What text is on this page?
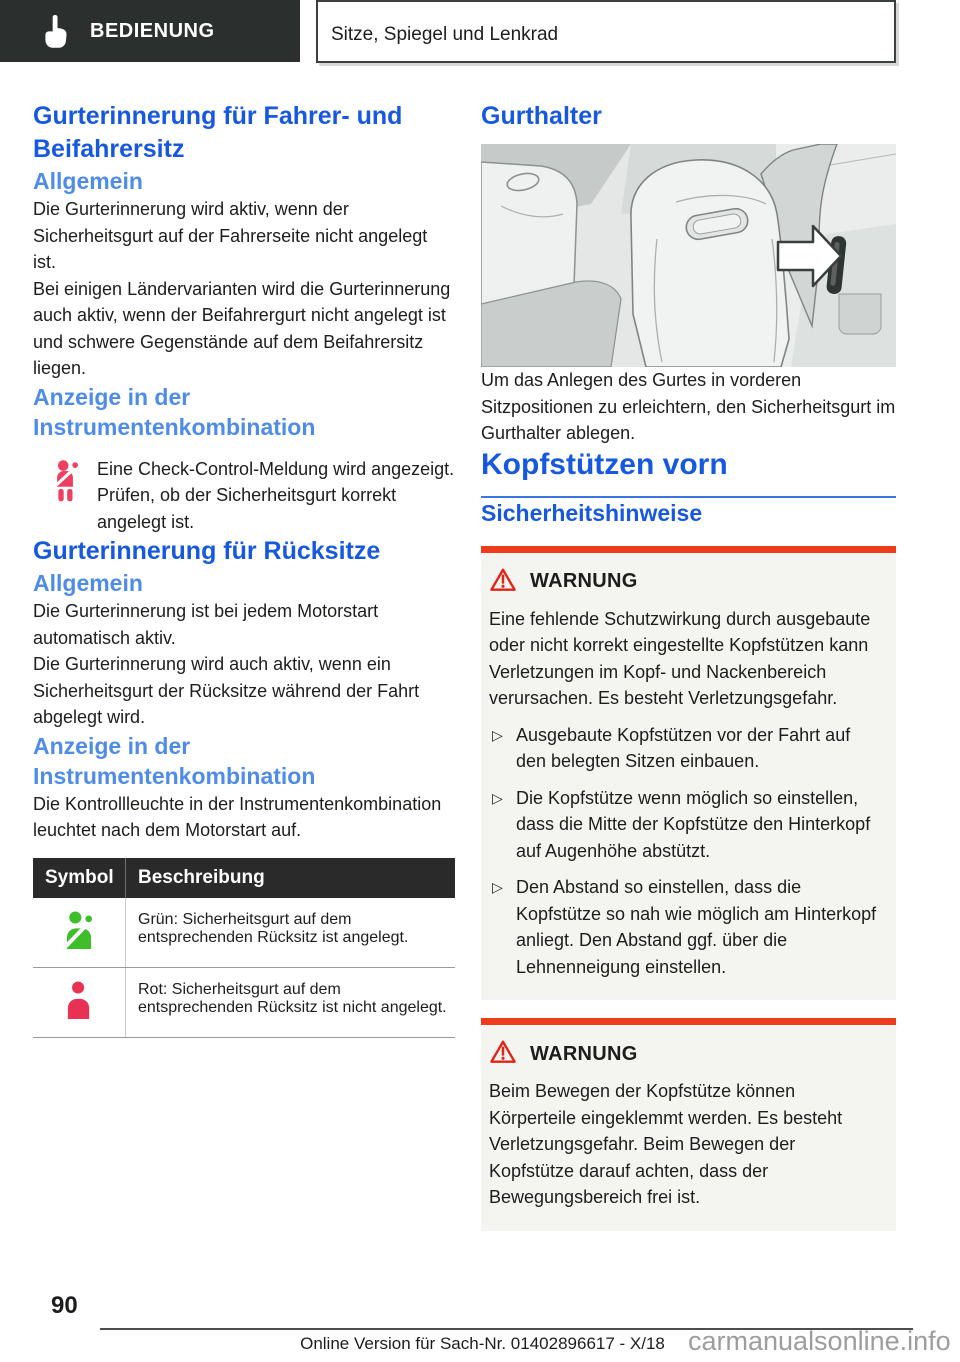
BEDIENUNG	Sitze, Spiegel und Lenkrad
Gurterinnerung für Fahrer- und Beifahrersitz
Allgemein

Die Gurterinnerung wird aktiv, wenn der Sicherheitsgurt auf der Fahrerseite nicht angelegt ist.

Bei einigen Ländervarianten wird die Gurterinnerung auch aktiv, wenn der Beifahrergurt nicht angelegt ist und schwere Gegenstände auf dem Beifahrersitz liegen.

Anzeige in der Instrumentenkombination

Eine Check-Control-Meldung wird angezeigt. Prüfen, ob der Sicherheitsgurt korrekt angelegt ist.

Gurterinnerung für Rücksitze
Allgemein

Die Gurterinnerung ist bei jedem Motorstart automatisch aktiv.

Die Gurterinnerung wird auch aktiv, wenn ein Sicherheitsgurt der Rücksitze während der Fahrt abgelegt wird.

Anzeige in der Instrumentenkombination

Die Kontrollleuchte in der Instrumentenkombination leuchtet nach dem Motorstart auf.

Symbol	Beschreibung
	Grün: Sicherheitsgurt auf dem entsprechenden Rücksitz ist angelegt.
	Rot: Sicherheitsgurt auf dem entsprechenden Rücksitz ist nicht angelegt.
Gurthalter

Um das Anlegen des Gurtes in vorderen Sitzpositionen zu erleichtern, den Sicherheitsgurt im Gurthalter ablegen.

Kopfstützen vorn
Sicherheitshinweise
WARNUNG

Eine fehlende Schutzwirkung durch ausgebaute oder nicht korrekt eingestellte Kopfstützen kann Verletzungen im Kopf- und Nackenbereich verursachen. Es besteht Verletzungsgefahr.

▷ Ausgebaute Kopfstützen vor der Fahrt auf den belegten Sitzen einbauen.
▷ Die Kopfstütze wenn möglich so einstellen, dass die Mitte der Kopfstütze den Hinterkopf auf Augenhöhe abstützt.
▷ Den Abstand so einstellen, dass die Kopfstütze so nah wie möglich am Hinterkopf anliegt. Den Abstand ggf. über die Lehnenneigung einstellen.
WARNUNG

Beim Bewegen der Kopfstütze können Körperteile eingeklemmt werden. Es besteht Verletzungsgefahr. Beim Bewegen der Kopfstütze darauf achten, dass der Bewegungsbereich frei ist.

90
Online Version für Sach-Nr. 01402896617 - X/18 carmanualsonline.info
